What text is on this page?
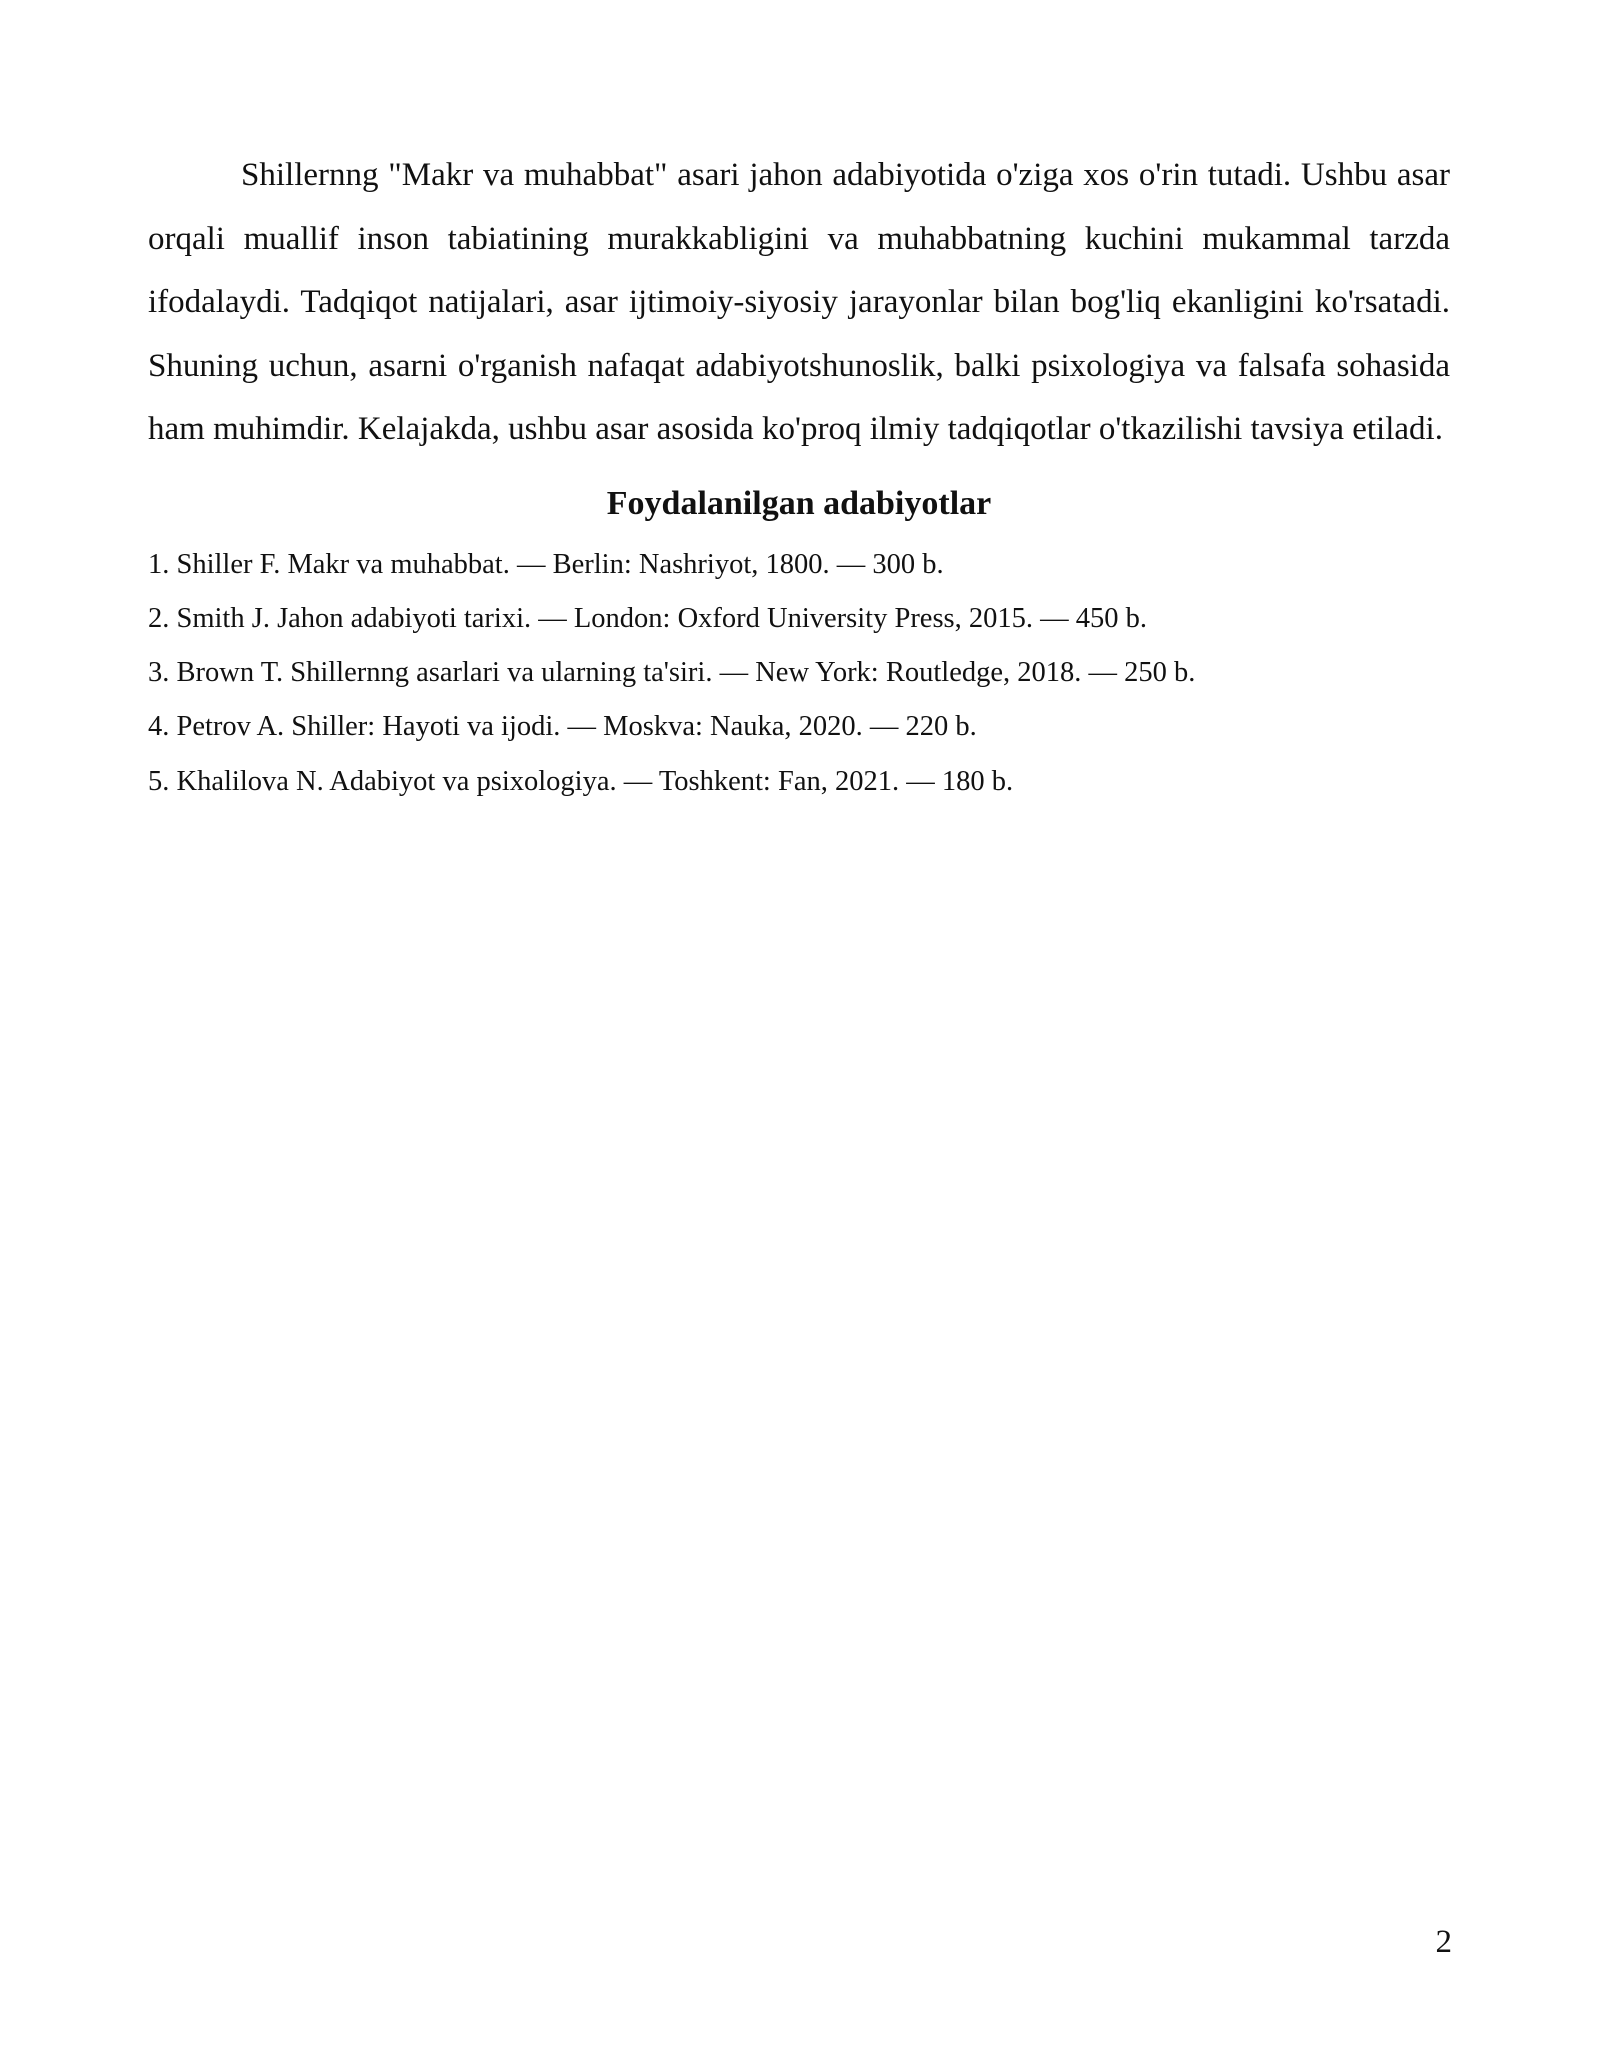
Shillernng "Makr va muhabbat" asari jahon adabiyotida o'ziga xos o'rin tutadi. Ushbu asar orqali muallif inson tabiatining murakkabligini va muhabbatning kuchini mukammal tarzda ifodalaydi. Tadqiqot natijalari, asar ijtimoiy-siyosiy jarayonlar bilan bog'liq ekanligini ko'rsatadi. Shuning uchun, asarni o'rganish nafaqat adabiyotshunoslik, balki psixologiya va falsafa sohasida ham muhimdir. Kelajakda, ushbu asar asosida ko'proq ilmiy tadqiqotlar o'tkazilishi tavsiya etiladi.

Foydalanilgan adabiyotlar
1. Shiller F. Makr va muhabbat. — Berlin: Nashriyot, 1800. — 300 b.
2. Smith J. Jahon adabiyoti tarixi. — London: Oxford University Press, 2015. — 450 b.
3. Brown T. Shillernng asarlari va ularning ta'siri. — New York: Routledge, 2018. — 250 b.
4. Petrov A. Shiller: Hayoti va ijodi. — Moskva: Nauka, 2020. — 220 b.
5. Khalilova N. Adabiyot va psixologiya. — Toshkent: Fan, 2021. — 180 b.
2
